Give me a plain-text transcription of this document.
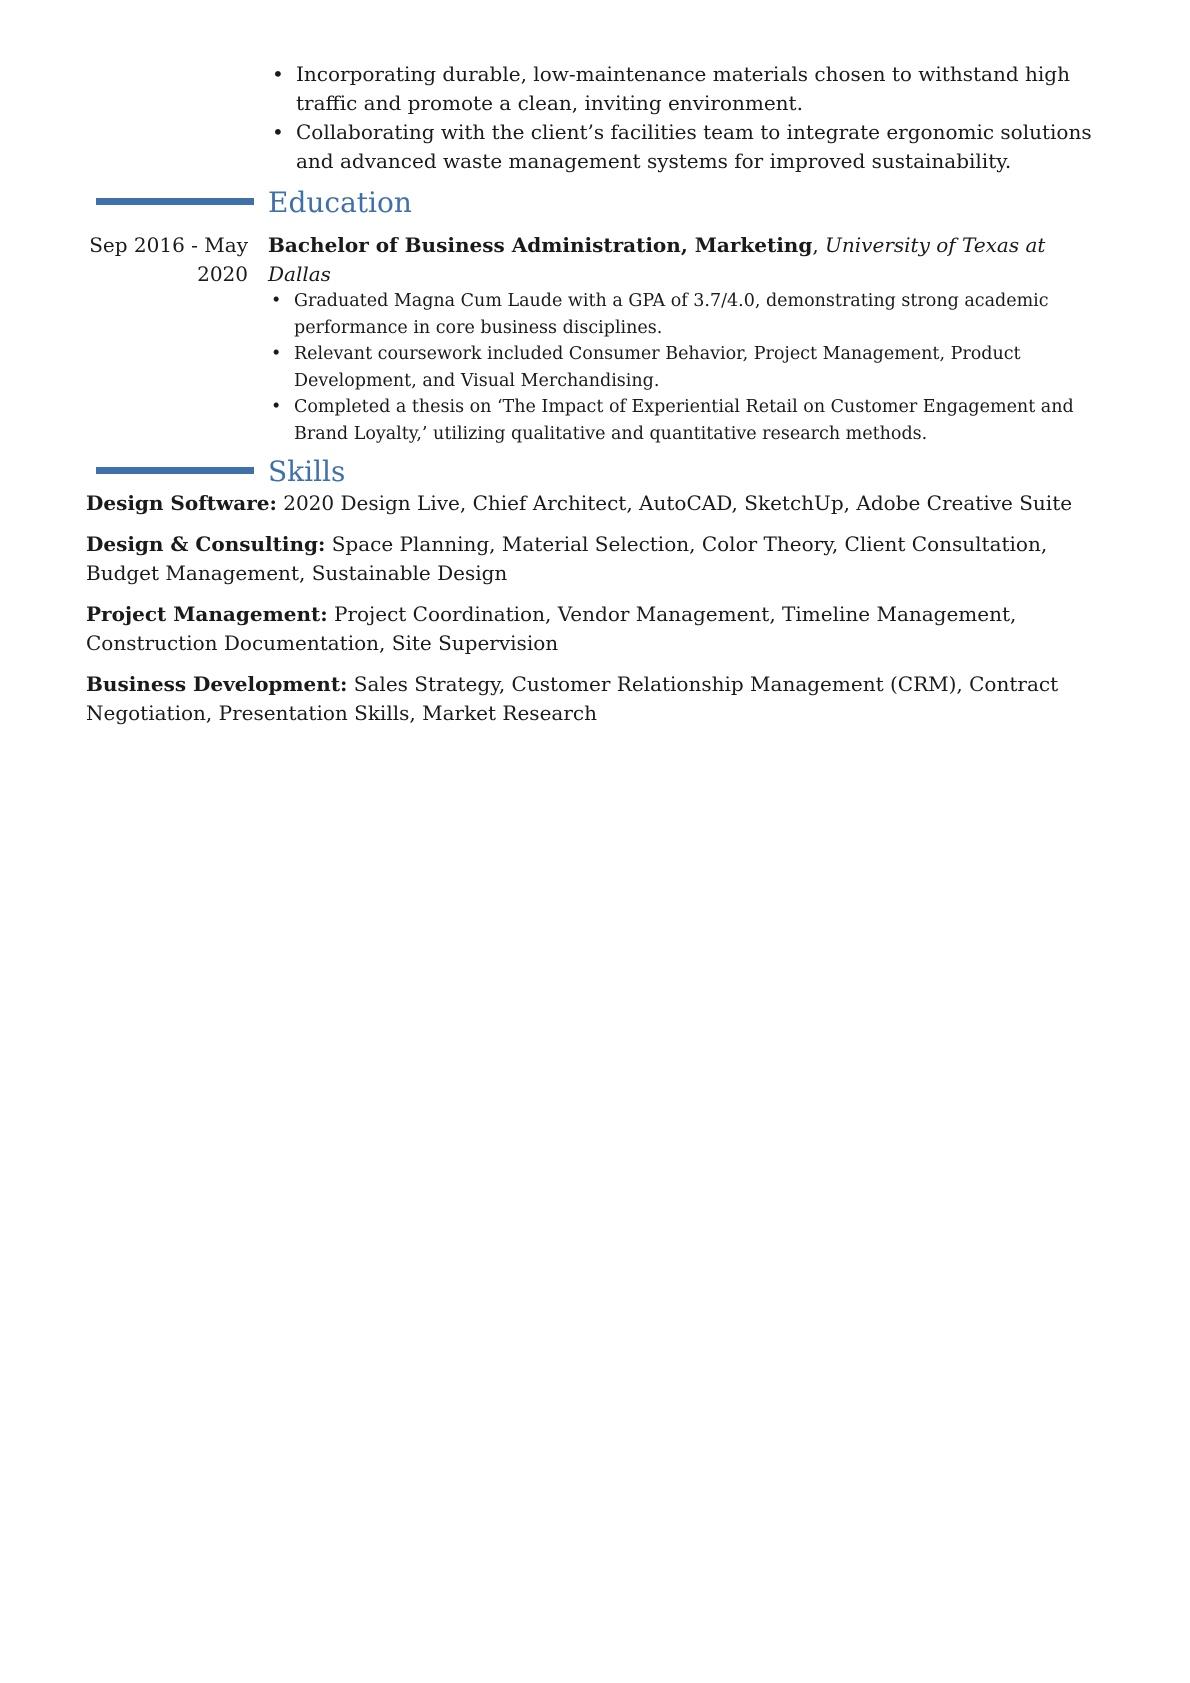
• Incorporating durable, low-maintenance materials chosen to withstand high traffic and promote a clean, inviting environment.
• Collaborating with the client’s facilities team to integrate ergonomic solutions and advanced waste management systems for improved sustainability.
Education
Sep 2016 - May 2020
Bachelor of Business Administration, Marketing, University of Texas at Dallas
• Graduated Magna Cum Laude with a GPA of 3.7/4.0, demonstrating strong academic performance in core business disciplines.
• Relevant coursework included Consumer Behavior, Project Management, Product Development, and Visual Merchandising.
• Completed a thesis on ‘The Impact of Experiential Retail on Customer Engagement and Brand Loyalty,’ utilizing qualitative and quantitative research methods.
Skills

Design Software: 2020 Design Live, Chief Architect, AutoCAD, SketchUp, Adobe Creative Suite

Design & Consulting: Space Planning, Material Selection, Color Theory, Client Consultation, Budget Management, Sustainable Design

Project Management: Project Coordination, Vendor Management, Timeline Management, Construction Documentation, Site Supervision

Business Development: Sales Strategy, Customer Relationship Management (CRM), Contract Negotiation, Presentation Skills, Market Research
